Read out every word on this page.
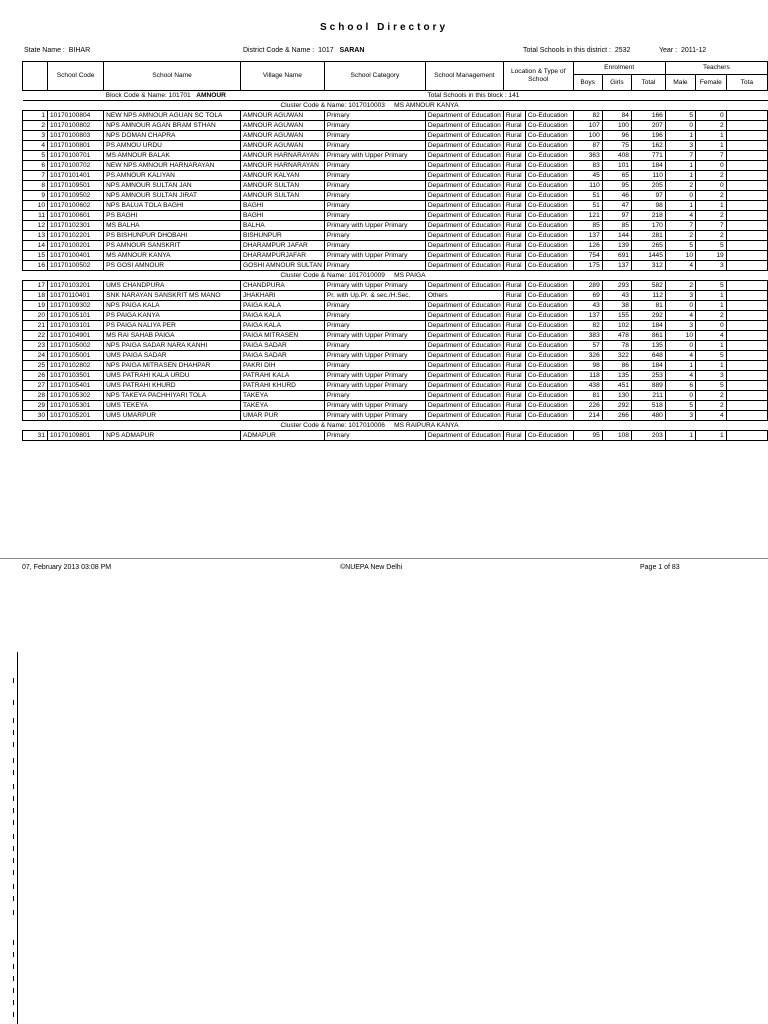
School Directory
State Name : BIHAR	District Code & Name : 1017 SARAN	Total Schools in this district : 2532	Year : 2011-12
	School Code	School Name	Village Name	School Category	School Management	Location & Type of School		Enrolment			Teachers		
								Boys	Girls	Total	Male	Female	Tota
		Block Code & Name: 101701 AMNOUR			Total Schools in this block : 141								
			Cluster Code & Name: 1017010003 MS AMNOUR KANYA										
1	10170100804	NEW NPS AMNOUR AGUAN SC TOLA	AMNOUR AGUWAN	Primary	Department of Education	Rural	Co-Education	82	84	166	5	0	
2	10170100802	NPS AMNOUR AGAN BRAM STHAN	AMNOUR AGUWAN	Primary	Department of Education	Rural	Co-Education	107	100	207	0	2	
3	10170100803	NPS DOMAN CHAPRA	AMNOUR AGUWAN	Primary	Department of Education	Rural	Co-Education	100	96	196	1	1	
4	10170100801	PS AMNOU URDU	AMNOUR AGUWAN	Primary	Department of Education	Rural	Co-Education	87	75	162	3	1	
5	10170100701	MS AMNOUR BALAK	AMNOUR HARNARAYAN	Primary with Upper Primary	Department of Education	Rural	Co-Education	363	408	771	7	7	
6	10170100702	NEW NPS AMNOUR HARNARAYAN	AMNOUR HARNARAYAN	Primary	Department of Education	Rural	Co-Education	83	101	184	1	0	
7	10170101401	PS AMNOUR KALIYAN	AMNOUR KALYAN	Primary	Department of Education	Rural	Co-Education	45	65	110	1	2	
8	10170109501	NPS AMNOUR SULTAN JAN	AMNOUR SULTAN	Primary	Department of Education	Rural	Co-Education	110	95	205	2	0	
9	10170109502	NPS AMNOUR SULTAN JIRAT	AMNOUR SULTAN	Primary	Department of Education	Rural	Co-Education	51	46	97	0	2	
10	10170100602	NPS BALUA TOLA BAGHI	BAGHI	Primary	Department of Education	Rural	Co-Education	51	47	98	1	1	
11	10170100601	PS BAGHI	BAGHI	Primary	Department of Education	Rural	Co-Education	121	97	218	4	2	
12	10170102301	MS BALHA	BALHA	Primary with Upper Primary	Department of Education	Rural	Co-Education	85	85	170	7	7	
13	10170102201	PS BISHUNPUR DHOBAHI	BISHUNPUR	Primary	Department of Education	Rural	Co-Education	137	144	281	2	2	
14	10170100201	PS AMNOUR SANSKRIT	DHARAMPUR JAFAR	Primary	Department of Education	Rural	Co-Education	126	139	265	5	5	
15	10170100401	MS AMNOUR KANYA	DHARAMPURJAFAR	Primary with Upper Primary	Department of Education	Rural	Co-Education	754	691	1445	10	19	
16	10170100502	PS GOSI AMNOUR	GOSHI AMNOUR SULTAN	Primary	Department of Education	Rural	Co-Education	175	137	312	4	3	
			Cluster Code & Name: 1017010009 MS PAIGA										
17	10170103201	UMS CHANDPURA	CHANDPURA	Primary with Upper Primary	Department of Education	Rural	Co-Education	289	293	582	2	5	
18	10170110401	SNK NARAYAN SANSKRIT MS MANO	JHAKHARI	Pr. with Up.Pr. & sec./H.Sec.	Others	Rural	Co-Education	69	43	112	3	1	
19	10170109302	NPS PAIGA KALA	PAIGA KALA	Primary	Department of Education	Rural	Co-Education	43	38	81	0	1	
20	10170105101	PS PAIGA KANYA	PAIGA KALA	Primary	Department of Education	Rural	Co-Education	137	155	292	4	2	
21	10170103101	PS PAIGA NALIYA PER	PAIGA KALA	Primary	Department of Education	Rural	Co-Education	82	102	184	3	0	
22	10170104901	MS RAI SAHAB PAIGA	PAIGA MITRASEN	Primary with Upper Primary	Department of Education	Rural	Co-Education	383	478	861	10	4	
23	10170105002	NPS PAIGA SADAR NARA KANHI	PAIGA SADAR	Primary	Department of Education	Rural	Co-Education	57	78	135	0	1	
24	10170105001	UMS PAIGA SADAR	PAIGA SADAR	Primary with Upper Primary	Department of Education	Rural	Co-Education	326	322	648	4	5	
25	10170102802	NPS PAIGA MITRASEN DHAHPAR	PAKRI DIH	Primary	Department of Education	Rural	Co-Education	98	86	184	1	1	
26	10170103501	UMS PATRAHI KALA URDU	PATRAHI KALA	Primary with Upper Primary	Department of Education	Rural	Co-Education	118	135	253	4	3	
27	10170105401	UMS PATRAHI KHURD	PATRAHI KHURD	Primary with Upper Primary	Department of Education	Rural	Co-Education	438	451	889	6	5	
28	10170105302	NPS TAKEYA PACHHIYARI TOLA	TAKEYA	Primary	Department of Education	Rural	Co-Education	81	130	211	0	2	
29	10170105301	UMS TEKEYA	TAKEYA	Primary with Upper Primary	Department of Education	Rural	Co-Education	226	292	518	5	2	
30	10170105201	UMS UMARPUR	UMAR PUR	Primary with Upper Primary	Department of Education	Rural	Co-Education	214	266	480	3	4	
			Cluster Code & Name: 1017010006 MS RAIPURA KANYA										
31	10170109801	NPS ADMAPUR	ADMAPUR	Primary	Department of Education	Rural	Co-Education	95	108	203	1	1	
07, February 2013 03:08 PM	©NUEPA New Delhi	Page 1 of 83
